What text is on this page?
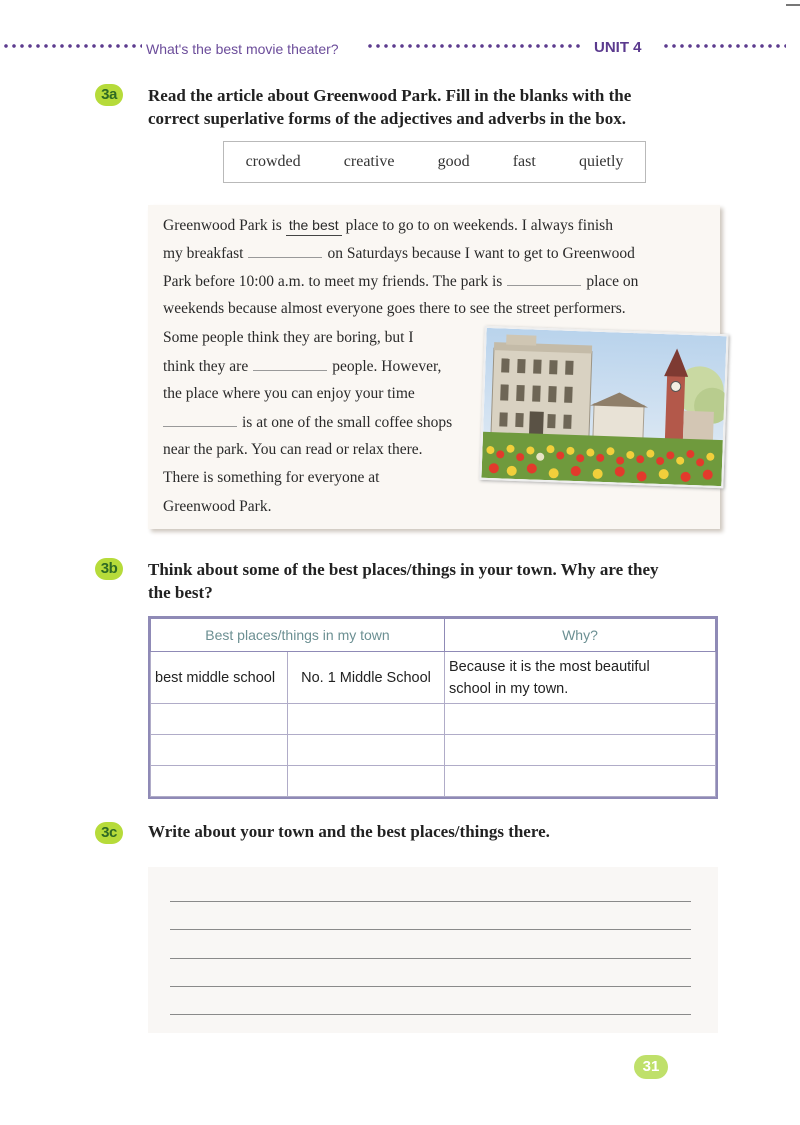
What's the best movie theater?	UNIT 4
3a	Read the article about Greenwood Park. Fill in the blanks with the
correct superlative forms of the adjectives and adverbs in the box.
crowded	creative	good	fast	quietly
Greenwood Park is the best place to go to on weekends. I always finish
my breakfast	on Saturdays because I want to get to Greenwood
Park before 10:00 a.m. to meet my friends. The park is	place on
weekends because almost everyone goes there to see the street performers.
Some people think they are boring, but I
think they are	people. However,
the place where you can enjoy your time
is at one of the small coffee shops
near the park. You can read or relax there.
There is something for everyone at
Greenwood Park.
3b	Think about some of the best places/things in your town. Why are they
the best?
Best places/things in my town		Why?
best middle school	No. 1 Middle School	Because it is the most beautiful school in my town.

3c	Write about your town and the best places/things there.
31
